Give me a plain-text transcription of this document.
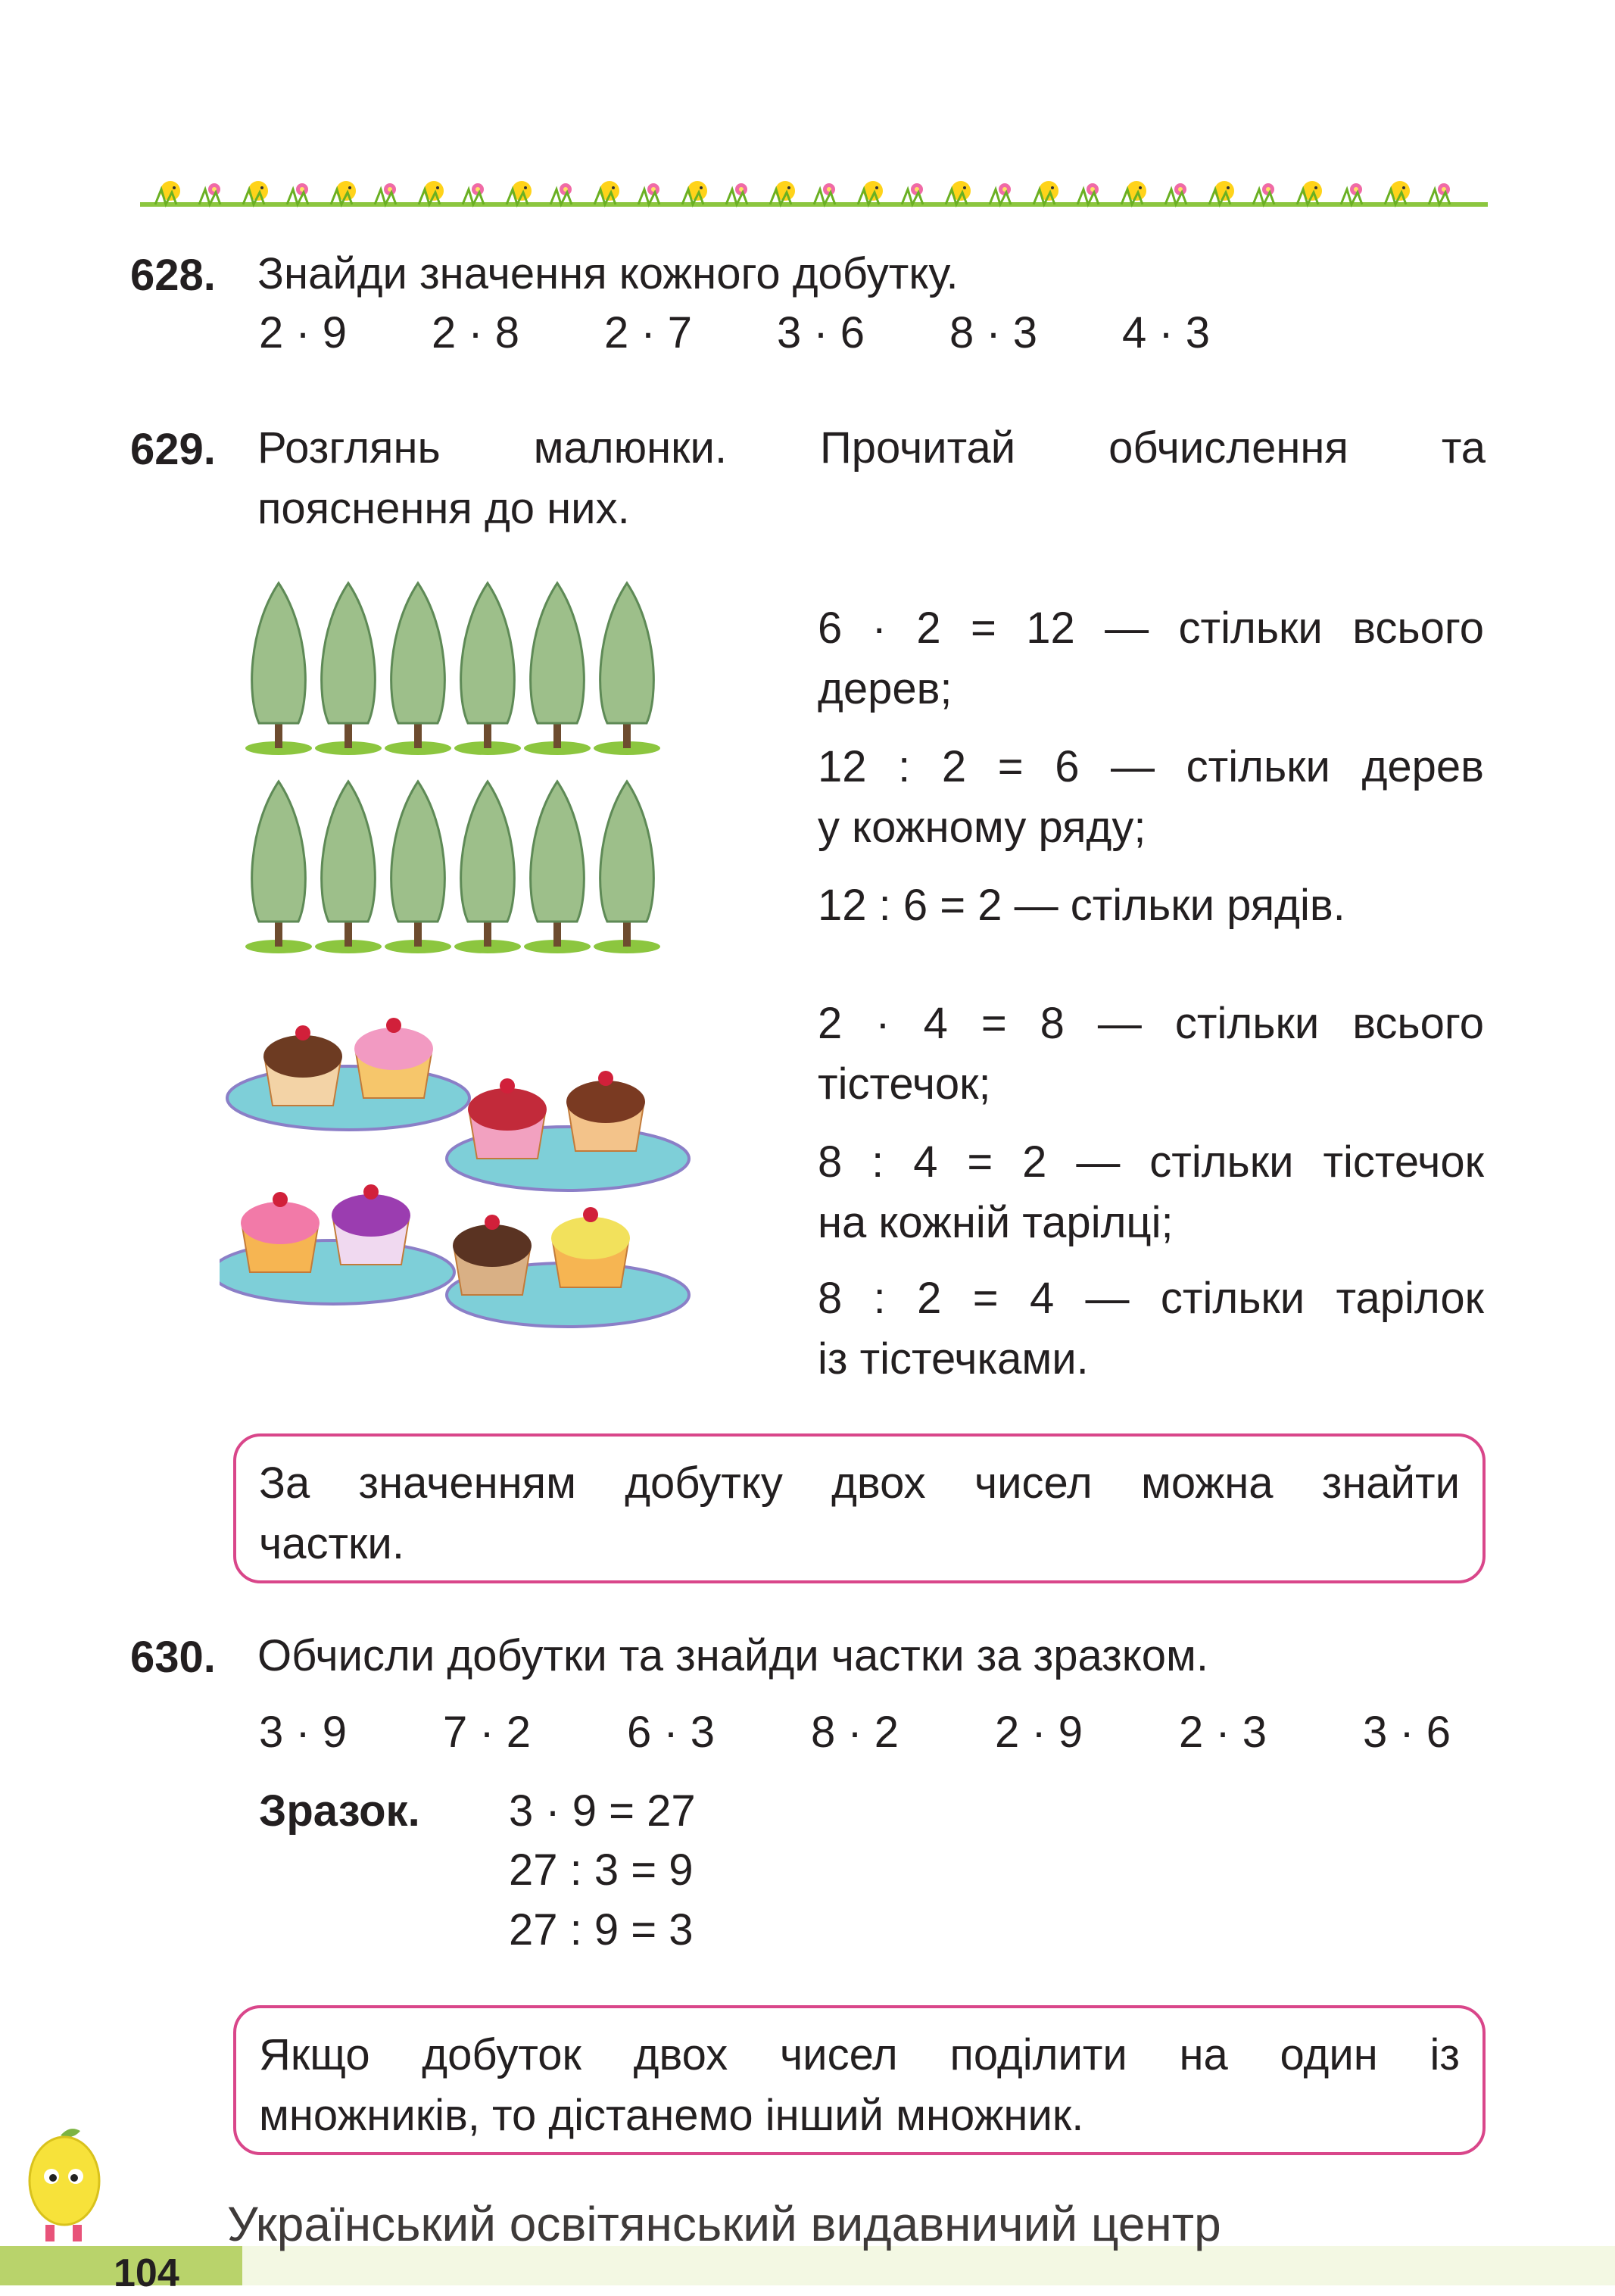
628. Знайди значення кожного добутку.
2 · 9 2 · 8 2 · 7 3 · 6 8 · 3 4 · 3
629. Розглянь малюнки. Прочитай обчислення та
пояснення до них.
6 · 2 = 12 — стільки всього
дерев;
12 : 2 = 6 — стільки дерев
у кожному ряду;
12 : 6 = 2 — стільки рядів.
2 · 4 = 8 — стільки всього
тістечок;
8 : 4 = 2 — стільки тістечок
на кожній тарілці;
8 : 2 = 4 — стільки тарілок
із тістечками.
За значенням добутку двох чисел можна знайти
частки.
630. Обчисли добутки та знайди частки за зразком.
3 · 9 7 · 2 6 · 3 8 · 2 2 · 9 2 · 3 3 · 6
Зразок. 3 · 9 = 27
27 : 3 = 9
27 : 9 = 3
Якщо добуток двох чисел поділити на один із
множників, то дістанемо інший множник.
104
Український освітянський видавничий центр
